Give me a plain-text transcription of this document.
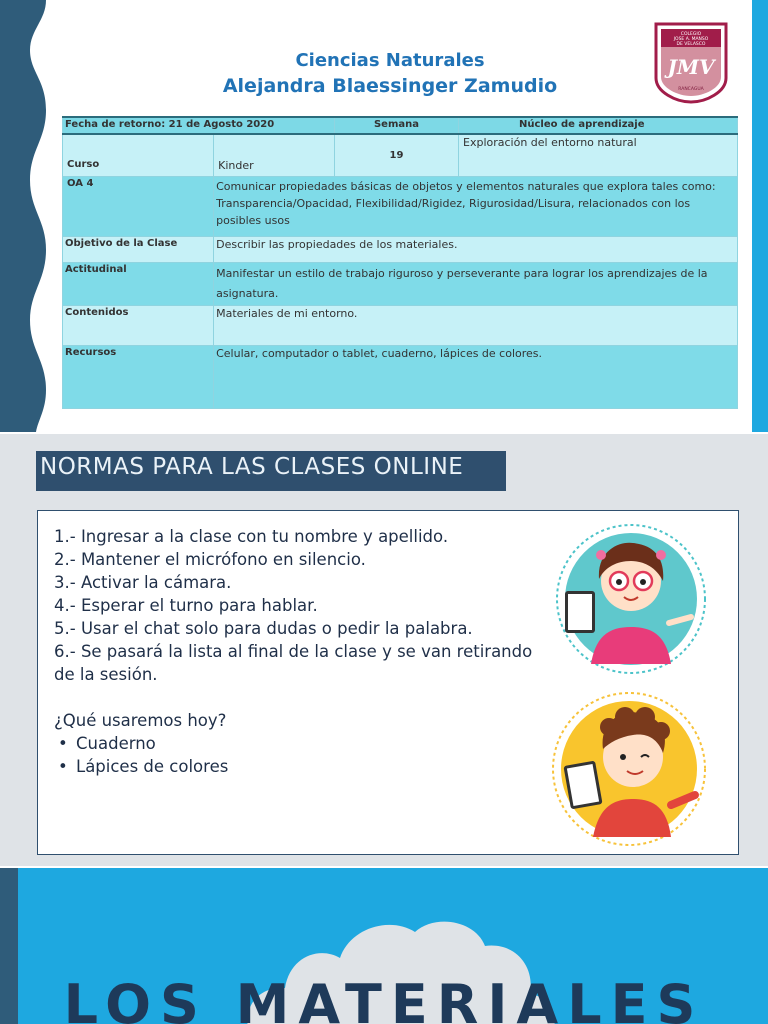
Ciencias Naturales
Alejandra Blaessinger Zamudio
COLEGIO
JOSE A. MANSO
DE VELASCO
JMV
RANCAGUA
Fecha de retorno: 21 de Agosto 2020		Semana	Núcleo de aprendizaje
Curso	Kinder	19	Exploración del entorno natural
OA 4	Comunicar propiedades básicas de objetos y elementos naturales que explora tales como: Transparencia/Opacidad, Flexibilidad/Rigidez, Rigurosidad/Lisura, relacionados con los posibles usos		
Objetivo de la Clase	Describir las propiedades de los materiales.		
Actitudinal	Manifestar un estilo de trabajo riguroso y perseverante para lograr los aprendizajes de la asignatura.		
Contenidos	Materiales de mi entorno.		
Recursos	Celular, computador o tablet, cuaderno, lápices de colores.		
NORMAS PARA LAS CLASES ONLINE
1.- Ingresar a la clase con tu nombre y apellido.
2.- Mantener el micrófono en silencio.
3.- Activar la cámara.
4.- Esperar el turno para hablar.
5.- Usar el chat solo para dudas o pedir la palabra.
6.- Se pasará la lista al final de la clase y se van retirando de la sesión.
¿Qué usaremos hoy?
• Cuaderno
• Lápices de colores
LOS MATERIALES
